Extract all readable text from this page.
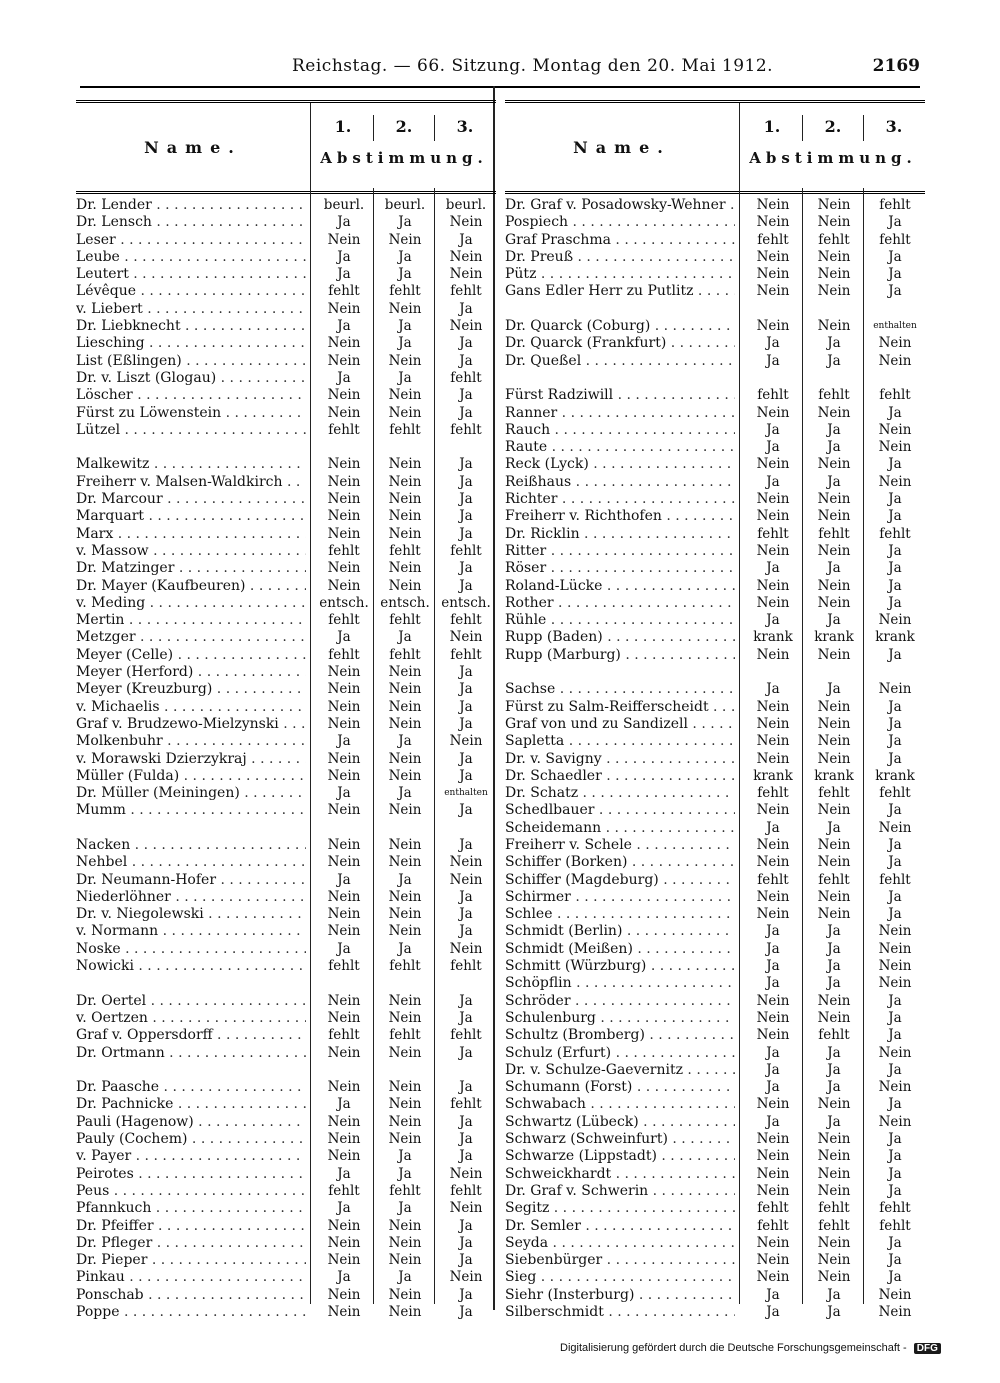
Reichstag. — 66. Sitzung. Montag den 20. Mai 1912.	2169
Name.
1.	2.	3.
Abstimmung.
Dr. Lender . . .	beurl.	beurl.	beurl.
Dr. Lensch . . .	Ja	Ja	Nein
Leser . . .	Nein	Nein	Ja
Leube . . .	Ja	Ja	Nein
Leutert . . .	Ja	Ja	Nein
Lévêque . . .	fehlt	fehlt	fehlt
v. Liebert . . .	Nein	Nein	Ja
Dr. Liebknecht . . .	Ja	Ja	Nein
Liesching . . .	Nein	Ja	Ja
List (Eßlingen) . . .	Nein	Nein	Ja
Dr. v. Liszt (Glogau) . . .	Ja	Ja	fehlt
Löscher . . .	Nein	Nein	Ja
Fürst zu Löwenstein . . .	Nein	Nein	Ja
Lützel . . .	fehlt	fehlt	fehlt
Malkewitz . . .	Nein	Nein	Ja
Freiherr v. Malsen-Waldkirch . . .	Nein	Nein	Ja
Dr. Marcour . . .	Nein	Nein	Ja
Marquart . . .	Nein	Nein	Ja
Marx . . .	Nein	Nein	Ja
v. Massow . . .	fehlt	fehlt	fehlt
Dr. Matzinger . . .	Nein	Nein	Ja
Dr. Mayer (Kaufbeuren) . . .	Nein	Nein	Ja
v. Meding . . .	entsch. entsch. entsch.
Mertin . . .	fehlt	fehlt	fehlt
Metzger . . .	Ja	Ja	Nein
Meyer (Celle) . . .	fehlt	fehlt	fehlt
Meyer (Herford) . . .	Nein	Nein	Ja
Meyer (Kreuzburg) . . .	Nein	Nein	Ja
v. Michaelis . . .	Nein	Nein	Ja
Graf v. Brudzewo-Mielzynski . . .	Nein	Nein	Ja
Molkenbuhr . . .	Ja	Ja	Nein
v. Morawski Dzierzykraj . . .	Nein	Nein	Ja
Müller (Fulda) . . .	Nein	Nein	Ja
Dr. Müller (Meiningen) . . .	Ja	Ja	enthalten
Mumm . . .	Nein	Nein	Ja
Nacken . . .	Nein	Nein	Ja
Nehbel . . .	Nein	Nein	Nein
Dr. Neumann-Hofer . . .	Ja	Ja	Nein
Niederlöhner . . .	Nein	Nein	Ja
Dr. v. Niegolewski . . .	Nein	Nein	Ja
v. Normann . . .	Nein	Nein	Ja
Noske . . .	Ja	Ja	Nein
Nowicki . . .	fehlt	fehlt	fehlt
Dr. Oertel . . .	Nein	Nein	Ja
v. Oertzen . . .	Nein	Nein	Ja
Graf v. Oppersdorff . . .	fehlt	fehlt	fehlt
Dr. Ortmann . . .	Nein	Nein	Ja
Dr. Paasche . . .	Nein	Nein	Ja
Dr. Pachnicke . . .	Ja	Nein	fehlt
Pauli (Hagenow) . . .	Nein	Nein	Ja
Pauly (Cochem) . . .	Nein	Nein	Ja
v. Payer . . .	Nein	Ja	Ja
Peirotes . . .	Ja	Ja	Nein
Peus . . .	fehlt	fehlt	fehlt
Pfannkuch . . .	Ja	Ja	Nein
Dr. Pfeiffer . . .	Nein	Nein	Ja
Dr. Pfleger . . .	Nein	Nein	Ja
Dr. Pieper . . .	Nein	Nein	Ja
Pinkau . . .	Ja	Ja	Nein
Ponschab . . .	Nein	Nein	Ja
Poppe . . .	Nein	Nein	Ja
Name.
1.	2.	3.
Abstimmung.
Dr. Graf v. Posadowsky-Wehner . . .	Nein	Nein	fehlt
Pospiech . . .	Nein	Nein	Ja
Graf Praschma . . .	fehlt	fehlt	fehlt
Dr. Preuß . . .	Nein	Nein	Ja
Pütz . . .	Nein	Nein	Ja
Gans Edler Herr zu Putlitz . . .	Nein	Nein	Ja
Dr. Quarck (Coburg) . . .	Nein	Nein	enthalten
Dr. Quarck (Frankfurt) . . .	Ja	Ja	Nein
Dr. Queßel . . .	Ja	Ja	Nein
Fürst Radziwill . . .	fehlt	fehlt	fehlt
Ranner . . .	Nein	Nein	Ja
Rauch . . .	Ja	Ja	Nein
Raute . . .	Ja	Ja	Nein
Reck (Lyck) . . .	Nein	Nein	Ja
Reißhaus . . .	Ja	Ja	Nein
Richter . . .	Nein	Nein	Ja
Freiherr v. Richthofen . . .	Nein	Nein	Ja
Dr. Ricklin . . .	fehlt	fehlt	fehlt
Ritter . . .	Nein	Nein	Ja
Röser . . .	Ja	Ja	Ja
Roland-Lücke . . .	Nein	Nein	Ja
Rother . . .	Nein	Nein	Ja
Rühle . . .	Ja	Ja	Nein
Rupp (Baden) . . .	krank	krank	krank
Rupp (Marburg) . . .	Nein	Nein	Ja
Sachse . . .	Ja	Ja	Nein
Fürst zu Salm-Reifferscheidt . . .	Nein	Nein	Ja
Graf von und zu Sandizell . . .	Nein	Nein	Ja
Sapletta . . .	Nein	Nein	Ja
Dr. v. Savigny . . .	Nein	Nein	Ja
Dr. Schaedler . . .	krank	krank	krank
Dr. Schatz . . .	fehlt	fehlt	fehlt
Schedlbauer . . .	Nein	Nein	Ja
Scheidemann . . .	Ja	Ja	Nein
Freiherr v. Schele . . .	Nein	Nein	Ja
Schiffer (Borken) . . .	Nein	Nein	Ja
Schiffer (Magdeburg) . . .	fehlt	fehlt	fehlt
Schirmer . . .	Nein	Nein	Ja
Schlee . . .	Nein	Nein	Ja
Schmidt (Berlin) . . .	Ja	Ja	Nein
Schmidt (Meißen) . . .	Ja	Ja	Nein
Schmitt (Würzburg) . . .	Ja	Ja	Nein
Schöpflin . . .	Ja	Ja	Nein
Schröder . . .	Nein	Nein	Ja
Schulenburg . . .	Nein	Nein	Ja
Schultz (Bromberg) . . .	Nein	fehlt	Ja
Schulz (Erfurt) . . .	Ja	Ja	Nein
Dr. v. Schulze-Gaevernitz . . .	Ja	Ja	Ja
Schumann (Forst) . . .	Ja	Ja	Nein
Schwabach . . .	Nein	Nein	Ja
Schwartz (Lübeck) . . .	Ja	Ja	Nein
Schwarz (Schweinfurt) . . .	Nein	Nein	Ja
Schwarze (Lippstadt) . . .	Nein	Nein	Ja
Schweickhardt . . .	Nein	Nein	Ja
Dr. Graf v. Schwerin . . .	Nein	Nein	Ja
Segitz . . .	fehlt	fehlt	fehlt
Dr. Semler . . .	fehlt	fehlt	fehlt
Seyda . . .	Nein	Nein	Ja
Siebenbürger . . .	Nein	Nein	Ja
Sieg . . .	Nein	Nein	Ja
Siehr (Insterburg) . . .	Ja	Ja	Nein
Silberschmidt . . .	Ja	Ja	Nein
Digitalisierung gefördert durch die Deutsche Forschungsgemeinschaft - DFG
